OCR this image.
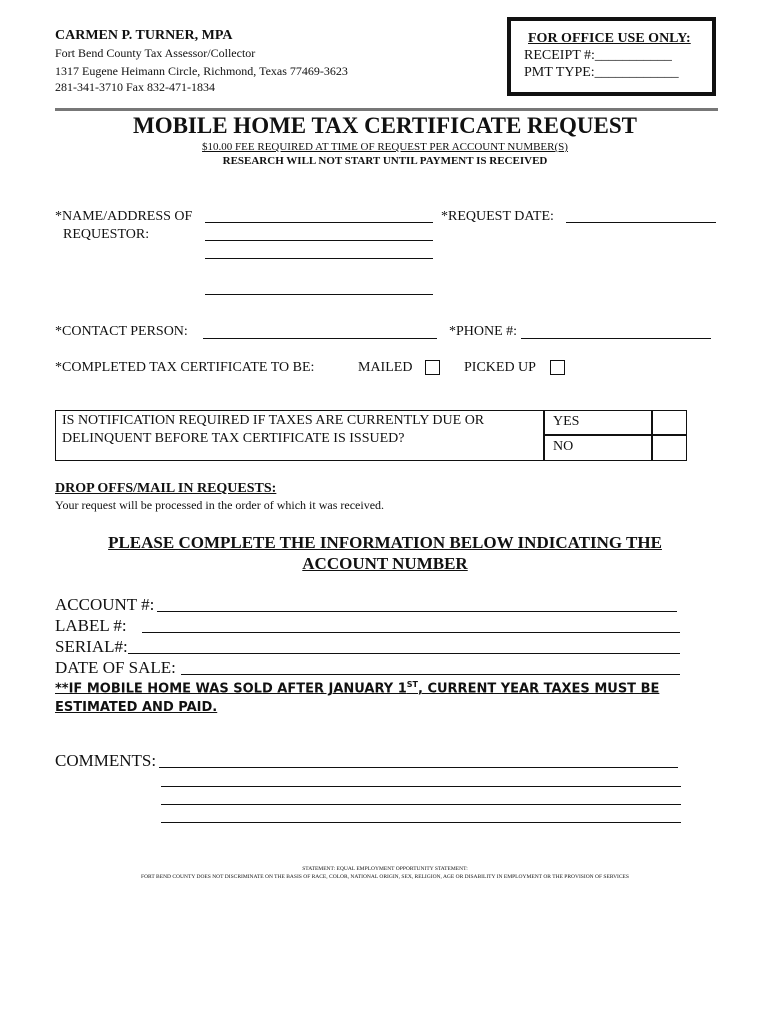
CARMEN P. TURNER, MPA
Fort Bend County Tax Assessor/Collector
1317 Eugene Heimann Circle, Richmond, Texas 77469-3623
281-341-3710 Fax 832-471-1834
FOR OFFICE USE ONLY:
RECEIPT #:___________
PMT TYPE:____________
MOBILE HOME TAX CERTIFICATE REQUEST
$10.00 FEE REQUIRED AT TIME OF REQUEST PER ACCOUNT NUMBER(S)
RESEARCH WILL NOT START UNTIL PAYMENT IS RECEIVED
*NAME/ADDRESS OF
REQUESTOR:
*REQUEST DATE:
*CONTACT PERSON:	*PHONE #:
*COMPLETED TAX CERTIFICATE TO BE:	MAILED	PICKED UP
IS NOTIFICATION REQUIRED IF TAXES ARE CURRENTLY DUE OR
DELINQUENT BEFORE TAX CERTIFICATE IS ISSUED?
YES
NO
DROP OFFS/MAIL IN REQUESTS:
Your request will be processed in the order of which it was received.
PLEASE COMPLETE THE INFORMATION BELOW INDICATING THE
ACCOUNT NUMBER
ACCOUNT #:
LABEL #:
SERIAL#:
DATE OF SALE:
**IF MOBILE HOME WAS SOLD AFTER JANUARY 1ST, CURRENT YEAR TAXES MUST BE
ESTIMATED AND PAID.
COMMENTS:
STATEMENT: EQUAL EMPLOYMENT OPPORTUNITY STATEMENT:
FORT BEND COUNTY DOES NOT DISCRIMINATE ON THE BASIS OF RACE, COLOR, NATIONAL ORIGIN, SEX, RELIGION, AGE OR DISABILITY IN EMPLOYMENT OR THE PROVISION OF SERVICES
